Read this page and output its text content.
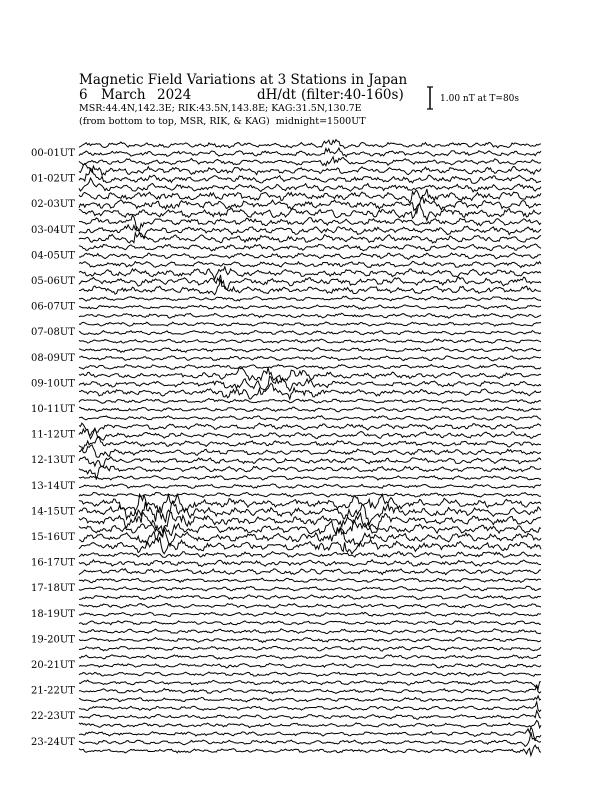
Magnetic Field Variations at 3 Stations in Japan
6 March 2024	dH/dt (filter:40-160s)
MSR:44.4N,142.3E; RIK:43.5N,143.8E; KAG:31.5N,130.7E
(from bottom to top, MSR, RIK, & KAG) midnight=1500UT
1.00 nT at T=80s
00-01UT
01-02UT
02-03UT
03-04UT
04-05UT
05-06UT
06-07UT
07-08UT
08-09UT
09-10UT
10-11UT
11-12UT
12-13UT
13-14UT
14-15UT
15-16UT
16-17UT
17-18UT
18-19UT
19-20UT
20-21UT
21-22UT
22-23UT
23-24UT
